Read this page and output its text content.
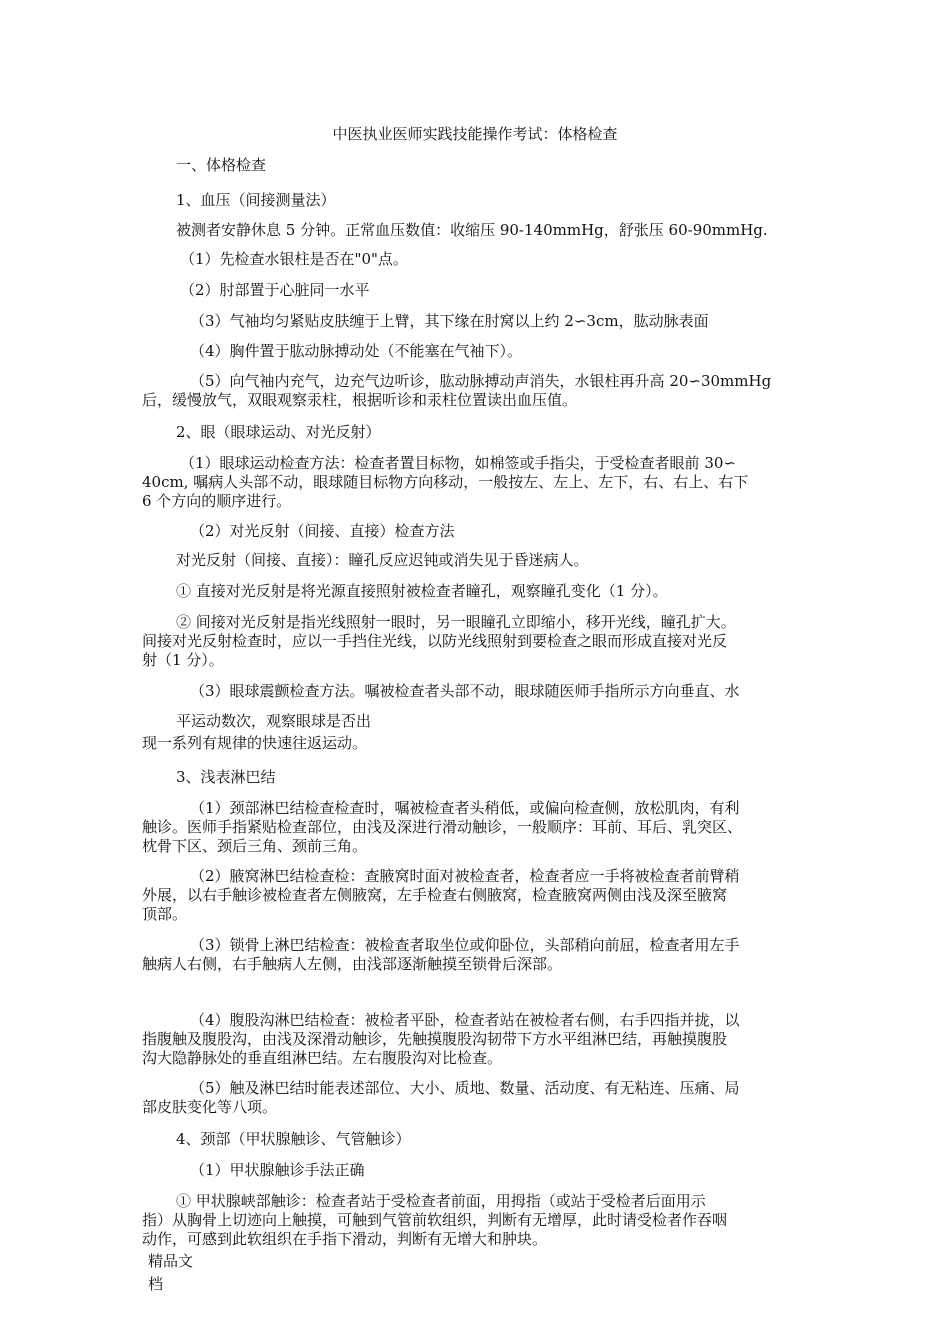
中医执业医师实践技能操作考试：体格检查
一、体格检查
1、血压（间接测量法）
被测者安静休息 5 分钟。正常血压数值：收缩压 90-140mmHg，舒张压 60-90mmHg.
（1）先检查水银柱是否在"0"点。
（2）肘部置于心脏同一水平
（3）气袖均匀紧贴皮肤缠于上臂，其下缘在肘窝以上约 2∽3cm，肱动脉表面
（4）胸件置于肱动脉搏动处（不能塞在气袖下）。
（5）向气袖内充气，边充气边听诊，肱动脉搏动声消失，水银柱再升高 20∽30mmHg
后，缓慢放气，双眼观察汞柱，根据听诊和汞柱位置读出血压值。
2、眼（眼球运动、对光反射）
（1）眼球运动检查方法：检查者置目标物，如棉签或手指尖，于受检查者眼前 30∽
40cm, 嘱病人头部不动，眼球随目标物方向移动，一般按左、左上、左下，右、右上、右下
6 个方向的顺序进行。
（2）对光反射（间接、直接）检查方法
对光反射（间接、直接）：瞳孔反应迟钝或消失见于昏迷病人。
① 直接对光反射是将光源直接照射被检查者瞳孔，观察瞳孔变化（1 分）。
② 间接对光反射是指光线照射一眼时，另一眼瞳孔立即缩小，移开光线，瞳孔扩大。
间接对光反射检查时，应以一手挡住光线，以防光线照射到要检查之眼而形成直接对光反
射（1 分）。
（3）眼球震颤检查方法。嘱被检查者头部不动，眼球随医师手指所示方向垂直、水
平运动数次，观察眼球是否出
现一系列有规律的快速往返运动。
3、浅表淋巴结
（1）颈部淋巴结检查检查时，嘱被检查者头稍低，或偏向检查侧，放松肌肉，有利
触诊。医师手指紧贴检查部位，由浅及深进行滑动触诊，一般顺序：耳前、耳后、乳突区、
枕骨下区、颈后三角、颈前三角。
（2）腋窝淋巴结检查检：查腋窝时面对被检查者，检查者应一手将被检查者前臂稍
外展，以右手触诊被检查者左侧腋窝，左手检查右侧腋窝，检查腋窝两侧由浅及深至腋窝
顶部。
（3）锁骨上淋巴结检查：被检查者取坐位或仰卧位，头部稍向前屈，检查者用左手
触病人右侧，右手触病人左侧，由浅部逐渐触摸至锁骨后深部。
（4）腹股沟淋巴结检查：被检者平卧，检查者站在被检者右侧，右手四指并拢，以
指腹触及腹股沟，由浅及深滑动触诊，先触摸腹股沟韧带下方水平组淋巴结，再触摸腹股
沟大隐静脉处的垂直组淋巴结。左右腹股沟对比检查。
（5）触及淋巴结时能表述部位、大小、质地、数量、活动度、有无粘连、压痛、局
部皮肤变化等八项。
4、颈部（甲状腺触诊、气管触诊）
（1）甲状腺触诊手法正确
① 甲状腺峡部触诊：检查者站于受检查者前面，用拇指（或站于受检者后面用示
指）从胸骨上切迹向上触摸，可触到气管前软组织，判断有无增厚，此时请受检者作吞咽
动作，可感到此软组织在手指下滑动，判断有无增大和肿块。
精品文
档
